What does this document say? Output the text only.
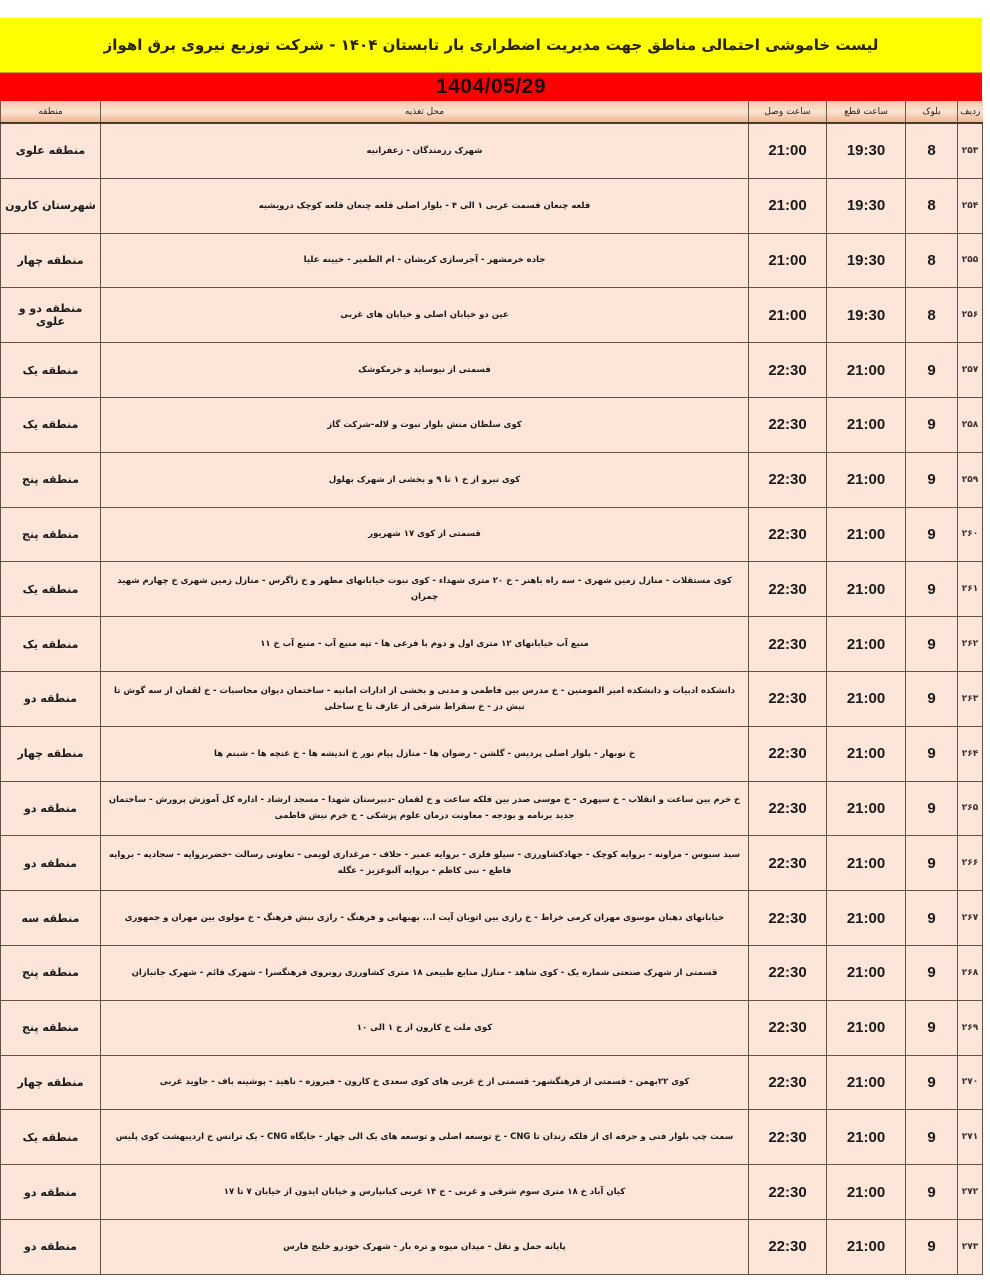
لیست خاموشی احتمالی مناطق جهت مدیریت اضطراری بار تابستان ۱۴۰۴ - شرکت توزیع نیروی برق اهواز
1404/05/29
ردیف	بلوک	ساعت قطع	ساعت وصل	محل تغذیه	منطقه
۲۵۳	8	19:30	21:00	شهرک رزمندگان - زعفرانیه	منطقه علوی
۲۵۴	8	19:30	21:00	قلعه چنعان قسمت غربی ۱ الی ۴ - بلوار اصلی قلعه چنعان قلعه کوچک درویشیه	شهرستان کارون
۲۵۵	8	19:30	21:00	جاده خرمشهر - آجرسازی کریشان - ام الطمیر - خیینه علیا	منطقه چهار
۲۵۶	8	19:30	21:00	عین دو خیابان اصلی و خیابان های غربی	منطقه دو و علوی
۲۵۷	9	21:00	22:30	قسمتی از نیوساید و خرمکوشک	منطقه یک
۲۵۸	9	21:00	22:30	کوی سلطان منش بلوار نبوت و لاله-شرکت گاز	منطقه یک
۲۵۹	9	21:00	22:30	کوی نیرو از خ ۱ تا ۹ و بخشی از شهرک بهلول	منطقه پنج
۲۶۰	9	21:00	22:30	قسمتی از کوی ۱۷ شهریور	منطقه پنج
۲۶۱	9	21:00	22:30	کوی مستقلات - منازل زمین شهری - سه راه باهنر - خ ۲۰ متری شهداء - کوی نبوت خیابانهای مطهر و خ زاگرس - منازل زمین شهری خ چهارم شهید چمران	منطقه یک
۲۶۲	9	21:00	22:30	منبع آب خیابانهای ۱۲ متری اول و دوم با فرعی ها - تپه منبع آب - منبع آب خ ۱۱	منطقه یک
۲۶۳	9	21:00	22:30	دانشکده ادبیات و دانشکده امیر المومنین - خ مدرس بین فاطمی و مدنی و بخشی از ادارات امانیه - ساختمان دیوان محاسبات - خ لقمان از سه گوش تا نبش دز - خ سقراط شرقی از عارف تا ج ساحلی	منطقه دو
۲۶۴	9	21:00	22:30	خ نوبهار - بلوار اصلی پردیس - گلشن - رضوان ها - منازل پیام نور خ اندیشه ها - خ غنچه ها - شبنم ها	منطقه چهار
۲۶۵	9	21:00	22:30	خ خرم بین ساعت و انقلاب - خ سپهری - خ موسی صدر بین فلکه ساعت و خ لقمان -دبیرستان شهدا - مسجد ارشاد - اداره کل آموزش پرورش - ساختمان جدید برنامه و بودجه - معاونت درمان علوم پزشکی - خ خرم نبش فاطمی	منطقه دو
۲۶۶	9	21:00	22:30	سید سبوس - مراونه - بروایه کوچک - جهادکشاورزی - سیلو فلزی - بروایه عمیر - حلاف - مرغداری لویمی - تعاونی رسالت -خضربروایه - سجادیه - بروایه قاطع - نبی کاظم - بروایه آلبوعزیز - عگله	منطقه دو
۲۶۷	9	21:00	22:30	خیابانهای دهبان موسوی مهران کرمی خراط - خ رازی بین اتوبان آیت ا... بهبهانی و فرهنگ - رازی نبش فرهنگ - خ مولوی بین مهران و جمهوری	منطقه سه
۲۶۸	9	21:00	22:30	قسمتی از شهرک صنعتی شماره یک - کوی شاهد - منازل منابع طبیعی ۱۸ متری کشاورزی روبروی فرهنگسرا - شهرک قائم - شهرک جانبازان	منطقه پنج
۲۶۹	9	21:00	22:30	کوی ملت خ کارون از خ ۱ الی ۱۰	منطقه پنج
۲۷۰	9	21:00	22:30	کوی ۲۲بهمن - قسمتی از فرهنگشهر- قسمتی از خ غربی های کوی سعدی خ کارون - فیروزه - ناهید - پوشینه باف - جاوید غربی	منطقه چهار
۲۷۱	9	21:00	22:30	سمت چپ بلوار فنی و حرفه ای از فلکه زندان تا CNG - خ توسعه اصلی و توسعه های یک الی چهار - جایگاه CNG - یک ترانس خ اردیبهشت کوی پلیس	منطقه یک
۲۷۲	9	21:00	22:30	کیان آباد خ ۱۸ متری سوم شرقی و غربی - خ ۱۴ غربی کیانپارس و خیابان ایدون از خیابان ۷ تا ۱۷	منطقه دو
۲۷۳	9	21:00	22:30	پایانه حمل و نقل - میدان میوه و تره بار - شهرک خودرو خلیج فارس	منطقه دو
